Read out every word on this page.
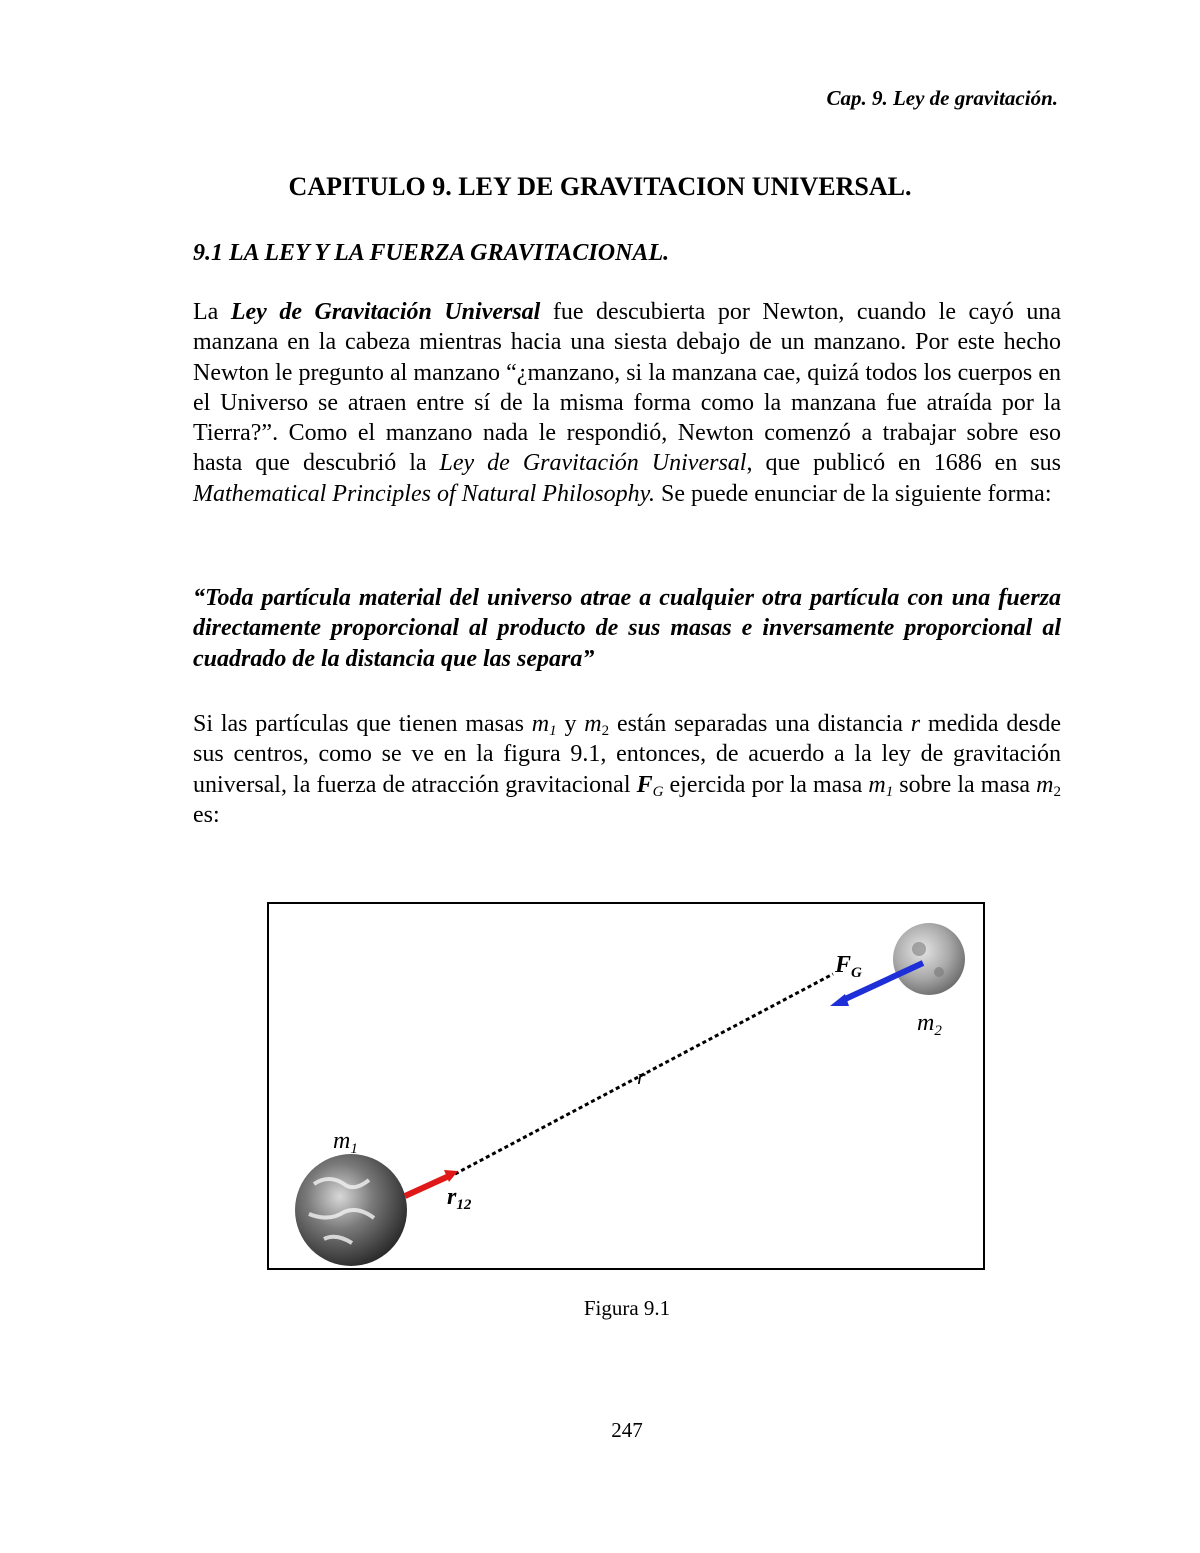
Cap. 9. Ley de gravitación.
CAPITULO 9. LEY DE GRAVITACION UNIVERSAL.
9.1 LA LEY Y LA FUERZA GRAVITACIONAL.
La Ley de Gravitación Universal fue descubierta por Newton, cuando le cayó una manzana en la cabeza mientras hacia una siesta debajo de un manzano. Por este hecho Newton le pregunto al manzano “¿manzano, si la manzana cae, quizá todos los cuerpos en el Universo se atraen entre sí de la misma forma como la manzana fue atraída por la Tierra?”. Como el manzano nada le respondió, Newton comenzó a trabajar sobre eso hasta que descubrió la Ley de Gravitación Universal, que publicó en 1686 en sus Mathematical Principles of Natural Philosophy. Se puede enunciar de la siguiente forma:
“Toda partícula material del universo atrae a cualquier otra partícula con una fuerza directamente proporcional al producto de sus masas e inversamente proporcional al cuadrado de la distancia que las separa”
Si las partículas que tienen masas $m_1$ y $m_2$ están separadas una distancia r medida desde sus centros, como se ve en la figura 9.1, entonces, de acuerdo a la ley de gravitación universal, la fuerza de atracción gravitacional $F_G$ ejercida por la masa $m_1$ sobre la masa $m_2$ es:
$m_1$
$m_2$
$F_G$
r
$r_{12}$
Figura 9.1
247
